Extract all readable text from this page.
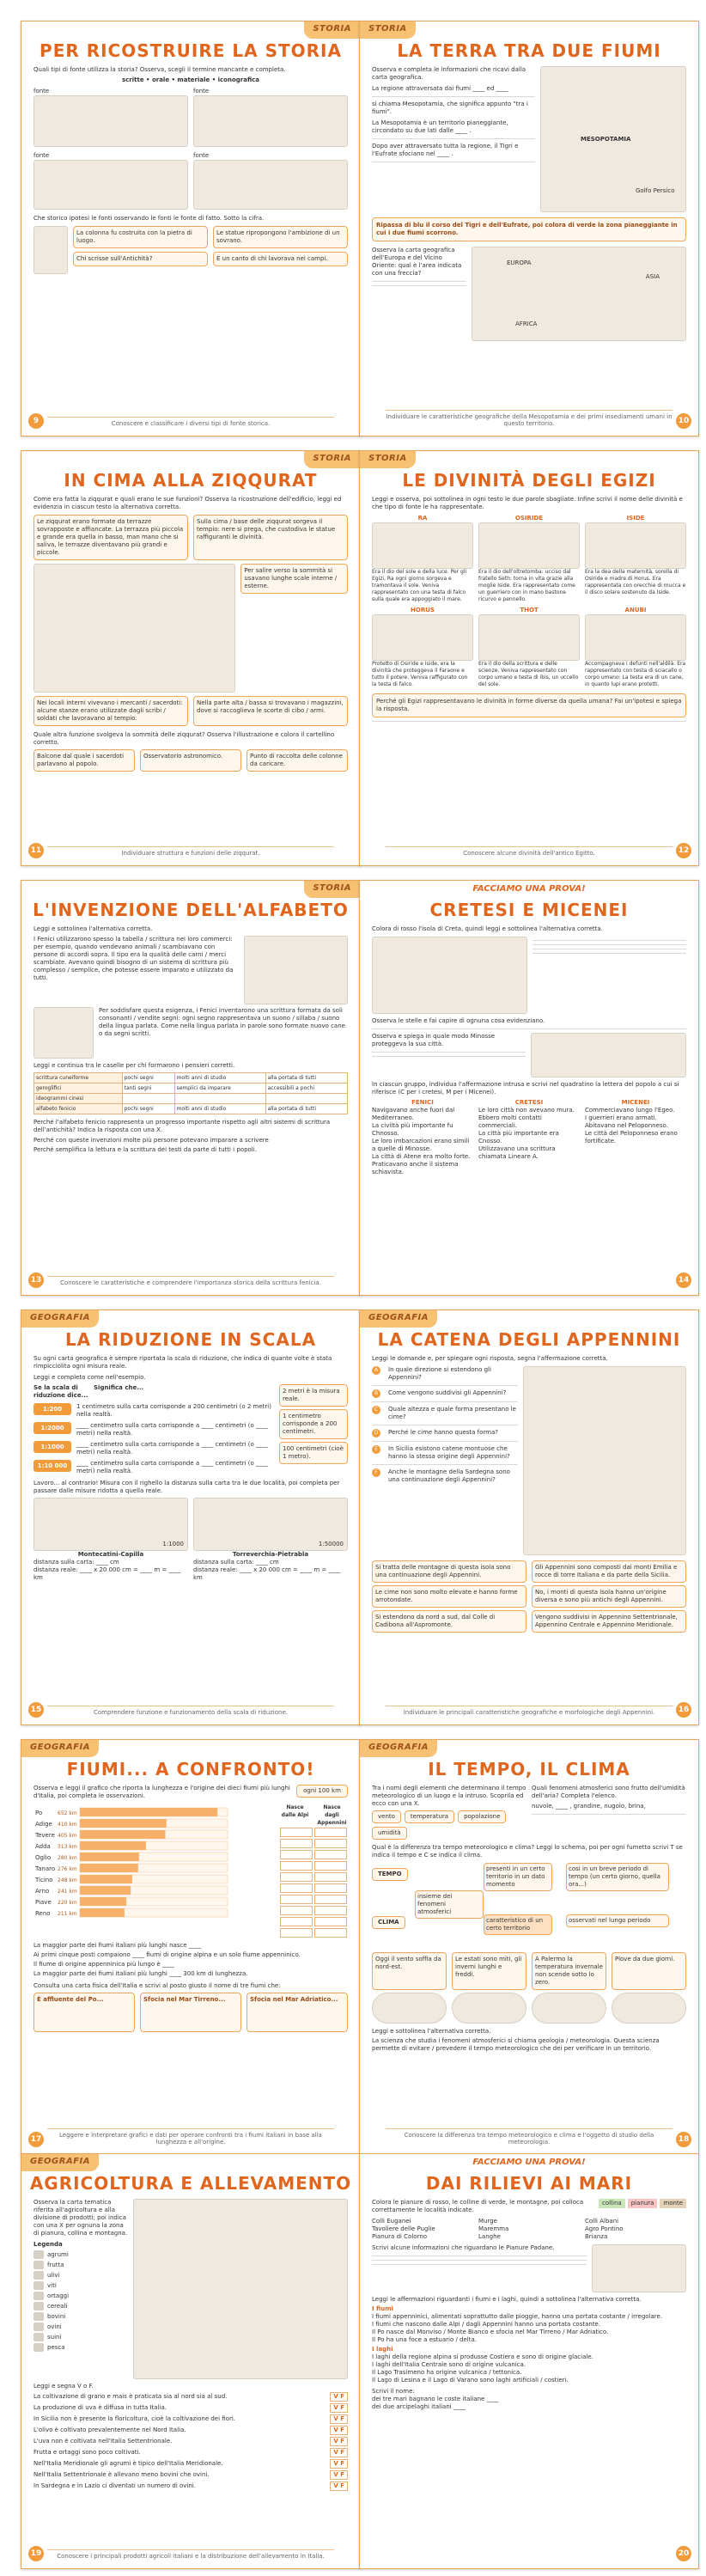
STORIA
PER RICOSTRUIRE LA STORIA
Quali tipi di fonte utilizza la storia? Osserva, scegli il termine mancante e completa.
scritte • orale • materiale • iconografica
fonte	fonte
fonte	fonte
Che storico ipotesi le fonti osservando le fonti le fonte di fatto. Sotto la cifra.
La colonna fu costruita con la pietra di luogo.
Chi scrisse sull'Antichità?
Le statue ripropongono l'ambizione di un sovrano.
È un canto di chi lavorava nei campi.
Conoscere e classificare i diversi tipi di fonte storica.
9
STORIA
LA TERRA TRA DUE FIUMI
Osserva e completa le informazioni che ricavi dalla carta geografica.
La regione attraversata dai fiumi ____ ed ____
si chiama Mesopotamia, che significa appunto "tra i fiumi".
La Mesopotamia è un territorio pianeggiante, circondato su due lati dalle ____ .
Dopo aver attraversato tutta la regione, il Tigri e l'Eufrate sfociano nel ____ .
MESOPOTAMIA
Golfo Persico
Ripassa di blu il corso del Tigri e dell'Eufrate, poi colora di verde la zona pianeggiante in cui i due fiumi scorrono.
Osserva la carta geografica dell'Europa e del Vicino Oriente: qual è l'area indicata con una freccia?
EUROPA
ASIA
AFRICA
Individuare le caratteristiche geografiche della Mesopotamia e dei primi insediamenti umani in questo territorio.	10
STORIA
IN CIMA ALLA ZIQQURAT
Come era fatta la ziqqurat e quali erano le sue funzioni? Osserva la ricostruzione dell'edificio, leggi ed evidenzia in ciascun testo la alternativa corretta.
Le ziqqurat erano formate da terrazze sovrapposte e affiancate. La terrazza più piccola e grande era quella in basso, man mano che si saliva, le terrazze diventavano più grandi e piccole.
Sulla cima / base delle ziqqurat sorgeva il tempio: nere si prega, che custodiva le statue raffiguranti le divinità.
Per salire verso la sommità si usavano lunghe scale interne / esterne.
Nei locali interni vivevano i mercanti / sacerdoti: alcune stanze erano utilizzate dagli scribi / soldati che lavoravano al tempio.
Nella parte alta / bassa si trovavano i magazzini, dove si raccoglieva le scorte di cibo / armi.
Quale altra funzione svolgeva la sommità delle ziqqurat? Osserva l'illustrazione e colora il cartellino corretto.
Balcone dal quale i sacerdoti parlavano al popolo.
Osservatorio astronomico.	Punto di raccolta delle colonne da caricare.
Individuare struttura e funzioni delle ziqqurat.
11
STORIA
LE DIVINITÀ DEGLI EGIZI
Leggi e osserva, poi sottolinea in ogni testo le due parole sbagliate. Infine scrivi il nome delle divinità e che tipo di fonte le ha rappresentate.
RA
Era il dio del sole e della luce. Per gli Egizi, Ra ogni giorno sorgeva e tramontava il sole. Veniva rappresentato con una testa di falco sulla quale era appoggiato il mare.
OSIRIDE
Era il dio dell'oltretomba: ucciso dal fratello Seth: torna in vita grazie alla moglie Iside. Era rappresentato come un guerriero con in mano bastone ricurvo e pennello.
ISIDE
Era la dea della maternità, sorella di Osiride e madre di Horus. Era rappresentata con orecchie di mucca e il disco solare sostenuto da Iside.
HORUS
Protetto di Osiride e Iside, era la divinità che proteggeva il Faraone e tutto il potere. Veniva raffigurato con la testa di falco.
THOT
Era il dio della scrittura e delle scienze. Veniva rappresentato con corpo umano e testa di ibis, un uccello del sole.
ANUBI
Accompagnava i defunti nell'aldilà. Era rappresentato con testa di sciacallo o corpo umano: La testa era di un cane, in quanto lupi erano protetti.
Perché gli Egizi rappresentavano le divinità in forme diverse da quella umana? Fai un'ipotesi e spiega la risposta.
Conoscere alcune divinità dell'antico Egitto.	12
STORIA
L'INVENZIONE DELL'ALFABETO
Leggi e sottolinea l'alternativa corretta.
I Fenici utilizzarono spesso la tabella / scrittura nei loro commerci: per esempio, quando vendevano animali / scambiavano con persone di accordi sopra. Il tipo era la qualità delle carni / merci scambiate. Avevano quindi bisogno di un sistema di scrittura più complesso / semplice, che potesse essere imparato e utilizzato da tutti.
Per soddisfare questa esigenza, i Fenici inventarono una scrittura formata da soli consonanti / vendite segni: ogni segno rappresentava un suono / sillaba / suono della lingua parlata. Come nella lingua parlata in parole sono formate nuovo cane o da segni scritti.
Leggi e continua tra le caselle per chi formarono i pensieri corretti.
scrittura cuneiforme	pochi segni	molti anni di studio	alla portata di tutti
geroglifici	tanti segni	semplici da imparare	accessibili a pochi
ideogrammi cinesi			
alfabeto fenicio	pochi segni	molti anni di studio	alla portata di tutti
Perché l'alfabeto fenicio rappresenta un progresso importante rispetto agli altri sistemi di scrittura dell'antichità? Indica la risposta con una X.
Perché con queste invenzioni molte più persone potevano imparare a scrivere
Perché semplifica la lettura e la scrittura dei testi da parte di tutti i popoli.
Conoscere le caratteristiche e comprendere l'importanza storica della scrittura fenicia.
13
FACCIAMO UNA PROVA!
CRETESI E MICENEI
Colora di rosso l'isola di Creta, quindi leggi e sottolinea l'alternativa corretta.
Osserva le stelle e fai capire di ognuna cosa evidenziano.
Osserva e spiega in quale modo Minosse proteggeva la sua città.
In ciascun gruppo, individua l'affermazione intrusa e scrivi nel quadratino la lettera del popolo a cui si riferisce (C per i cretesi, M per i Micenei).
FENICI
Navigavano anche fuori dal Mediterraneo.
La civiltà più importante fu Chnosso.
Le loro imbarcazioni erano simili a quelle di Minosse.
La città di Atene era molto forte.
Praticavano anche il sistema schiavista.
CRETESI
Le loro città non avevano mura.
Ebbero molti contatti commerciali.
La città più importante era Cnosso.
Utilizzavano una scrittura chiamata Lineare A.
MICENEI
Commerciavano lungo l'Egeo.
I guerrieri erano armati.
Abitavano nel Peloponneso.
Le città del Peloponneso erano fortificate.
14
GEOGRAFIA
LA RIDUZIONE IN SCALA
Su ogni carta geografica è sempre riportata la scala di riduzione, che indica di quante volte è stata rimpicciolita ogni misura reale.
Leggi e completa come nell'esempio.
Se la scala di riduzione dice...
Significa che...
1:200	1 centimetro sulla carta corrisponde a 200 centimetri (o 2 metri) nella realtà.
1:2000	____ centimetro sulla carta corrisponde a ____ centimetri (o ____ metri) nella realtà.
1:1000	____ centimetro sulla carta corrisponde a ____ centimetri (o ____ metri) nella realtà.
1:10 000	____ centimetro sulla carta corrisponde a ____ centimetri (o ____ metri) nella realtà.
2 metri è la misura reale.
1 centimetro corrisponde a 200 centimetri.
100 centimetri (cioè 1 metro).
Lavoro... al contrario! Misura con il righello la distanza sulla carta tra le due località, poi completa per passare dalle misure ridotta a quella reale.
1:1000
Montecatini-Capilla
distanza sulla carta: ____ cm
distanza reale: ____ x 20 000 cm = ____ m = ____ km
1:50000
Torreverchia-Pietrabla
distanza sulla carta: ____ cm
distanza reale: ____ x 20 000 cm = ____ m = ____ km
Comprendere funzione e funzionamento della scala di riduzione.
15
GEOGRAFIA
LA CATENA DEGLI APPENNINI
Leggi le domande e, per spiegare ogni risposta, segna l'affermazione corretta.
A	In quale direzione si estendono gli Appennini?
B	Come vengono suddivisi gli Appennini?
C	Quale altezza e quale forma presentano le cime?
D	Perché le cime hanno questa forma?
E	In Sicilia esistono catene montuose che hanno la stessa origine degli Appennini?
F	Anche le montagne della Sardegna sono una continuazione degli Appennini?
Si tratta delle montagne di questa isola sono una continuazione degli Appennini.
Gli Appennini sono composti dai monti Emilia e rocce di torre Italiana e da parte della Sicilia.
Le cime non sono molto elevate e hanno forme arrotondate.
No, i monti di questa isola hanno un'origine diversa e sono più antichi degli Appennini.
Si estendono da nord a sud, dal Colle di Cadibona all'Aspromonte.
Vengono suddivisi in Appennino Settentrionale, Appennino Centrale e Appennino Meridionale.
Individuare le principali caratteristiche geografiche e morfologiche degli Appennini.	16
GEOGRAFIA
FIUMI... A CONFRONTO!
Osserva e leggi il grafico che riporta la lunghezza e l'origine dei dieci fiumi più lunghi d'Italia, poi completa le osservazioni.
ogni 100 km
Po	652 km
Adige 410 km
Tevere 405 km
Adda 313 km
Oglio 280 km
Tanaro 276 km
Ticino 248 km
Arno 241 km
Piave 220 km
Reno 211 km
Nasce dalle Alpi
Nasce dagli Appennini
La maggior parte dei fiumi italiani più lunghi nasce ____
Ai primi cinque posti compaiono ____ fiumi di origine alpina e un solo fiume appenninico.
Il fiume di origine appenninica più lungo è ____
La maggior parte dei fiumi italiani più lunghi ____ 300 km di lunghezza.
Consulta una carta fisica dell'Italia e scrivi al posto giusto il nome di tre fiumi che:
È affluente del Po...	Sfocia nel Mar Tirreno...	Sfocia nel Mar Adriatico...
Leggere e interpretare grafici e dati per operare confronti tra i fiumi italiani in base alla lunghezza e all'origine.
17
GEOGRAFIA
IL TEMPO, IL CLIMA
Tra i nomi degli elementi che determinano il tempo meteorologico di un luogo e la intruso. Scoprila ed ecco con una X.
vento	temperatura	popolazione
umidità
Quali fenomeni atmosferici sono frutto dell'umidità dell'aria? Completa l'elenco.
nuvole, ____ , grandine, nugolo, brina,
Qual è la differenza tra tempo meteorologico e clima? Leggi lo schema, poi per ogni fumetto scrivi T se indica il tempo e C se indica il clima.
TEMPO
CLIMA
presenti in un certo territorio in un dato momento
insieme dei fenomeni atmosferici
caratteristico di un certo territorio
cosi in un breve periodo di tempo (un certo giorno, quella ora...)
osservati nel lungo periodo
Oggi il vento soffia da nord-est.
Le estati sono miti, gli inverni lunghi e freddi.
A Palermo la temperatura invernale non scende sotto lo zero.
Piove da due giorni.
Leggi e sottolinea l'alternativa corretta.
La scienza che studia i fenomeni atmosferici si chiama geologia / meteorologia. Questa scienza permette di evitare / prevedere il tempo meteorologico che dei per verificare in un territorio.
Conoscere la differenza tra tempo meteorologico e clima e l'oggetto di studio della meteorologia.	18
GEOGRAFIA
AGRICOLTURA E ALLEVAMENTO
Osserva la carta tematica riferita all'agricoltura e alla divisione di prodotti; poi indica con una X per ognuna la zona di pianura, collina e montagna.
Legenda
agrumi
frutta
ulivi
viti
ortaggi
cereali
bovini
ovini
suini
pesca
Leggi e segna V o F.
La coltivazione di grano e mais è praticata sia al nord sia al sud.	V F
La produzione di uva è diffusa in tutta Italia.	V F
In Sicilia non è presente la floricoltura, cioè la coltivazione dei fiori.	V F
L'olivo è coltivato prevalentemente nel Nord Italia.	V F
L'uva non è coltivata nell'Italia Settentrionale.	V F
Frutta e ortaggi sono poco coltivati.	V F
Nell'Italia Meridionale gli agrumi è tipico dell'Italia Meridionale.	V F
Nell'Italia Settentrionale è allevano meno bovini che ovini.	V F
In Sardegna e in Lazio ci diventati un numero di ovini.	V F
Conoscere i principali prodotti agricoli italiani e la distribuzione dell'allevamento in Italia.
19
FACCIAMO UNA PROVA!
DAI RILIEVI AI MARI
Colora le pianure di rosso, le colline di verde, le montagne, poi colloca correttamente le località indicate.
collina	pianura	monte
Colli Euganei
Tavoliere delle Puglie
Pianura di Colorno
Murge
Maremma
Langhe
Colli Albani
Agro Pontino
Brianza
Scrivi alcune informazioni che riguardano le Pianure Padane.
Leggi le affermazioni riguardanti i fiumi e i laghi, quindi a sottolinea l'alternativa corretta.
I fiumi
I fiumi appenninici, alimentati soprattutto dalle pioggie, hanno una portata costante / irregolare.
I fiumi che nascono dalle Alpi / dagli Appennini hanno una portata costante.
Il Po nasce dal Monviso / Monte Bianco e sfocia nel Mar Tirreno / Mar Adriatico.
Il Po ha una foce a estuario / delta.
I laghi
I laghi della regione alpina si produsse Costiera e sono di origine glaciale.
I laghi dell'Italia Centrale sono di origine vulcanica.
Il Lago Trasimeno ha origine vulcanica / tettonica.
Il Lago di Lesina e il Lago di Varano sono laghi artificiali / costieri.
Scrivi il nome:
dei tre mari bagnano le coste italiane ____
dei due arcipelaghi italiani ____
20
